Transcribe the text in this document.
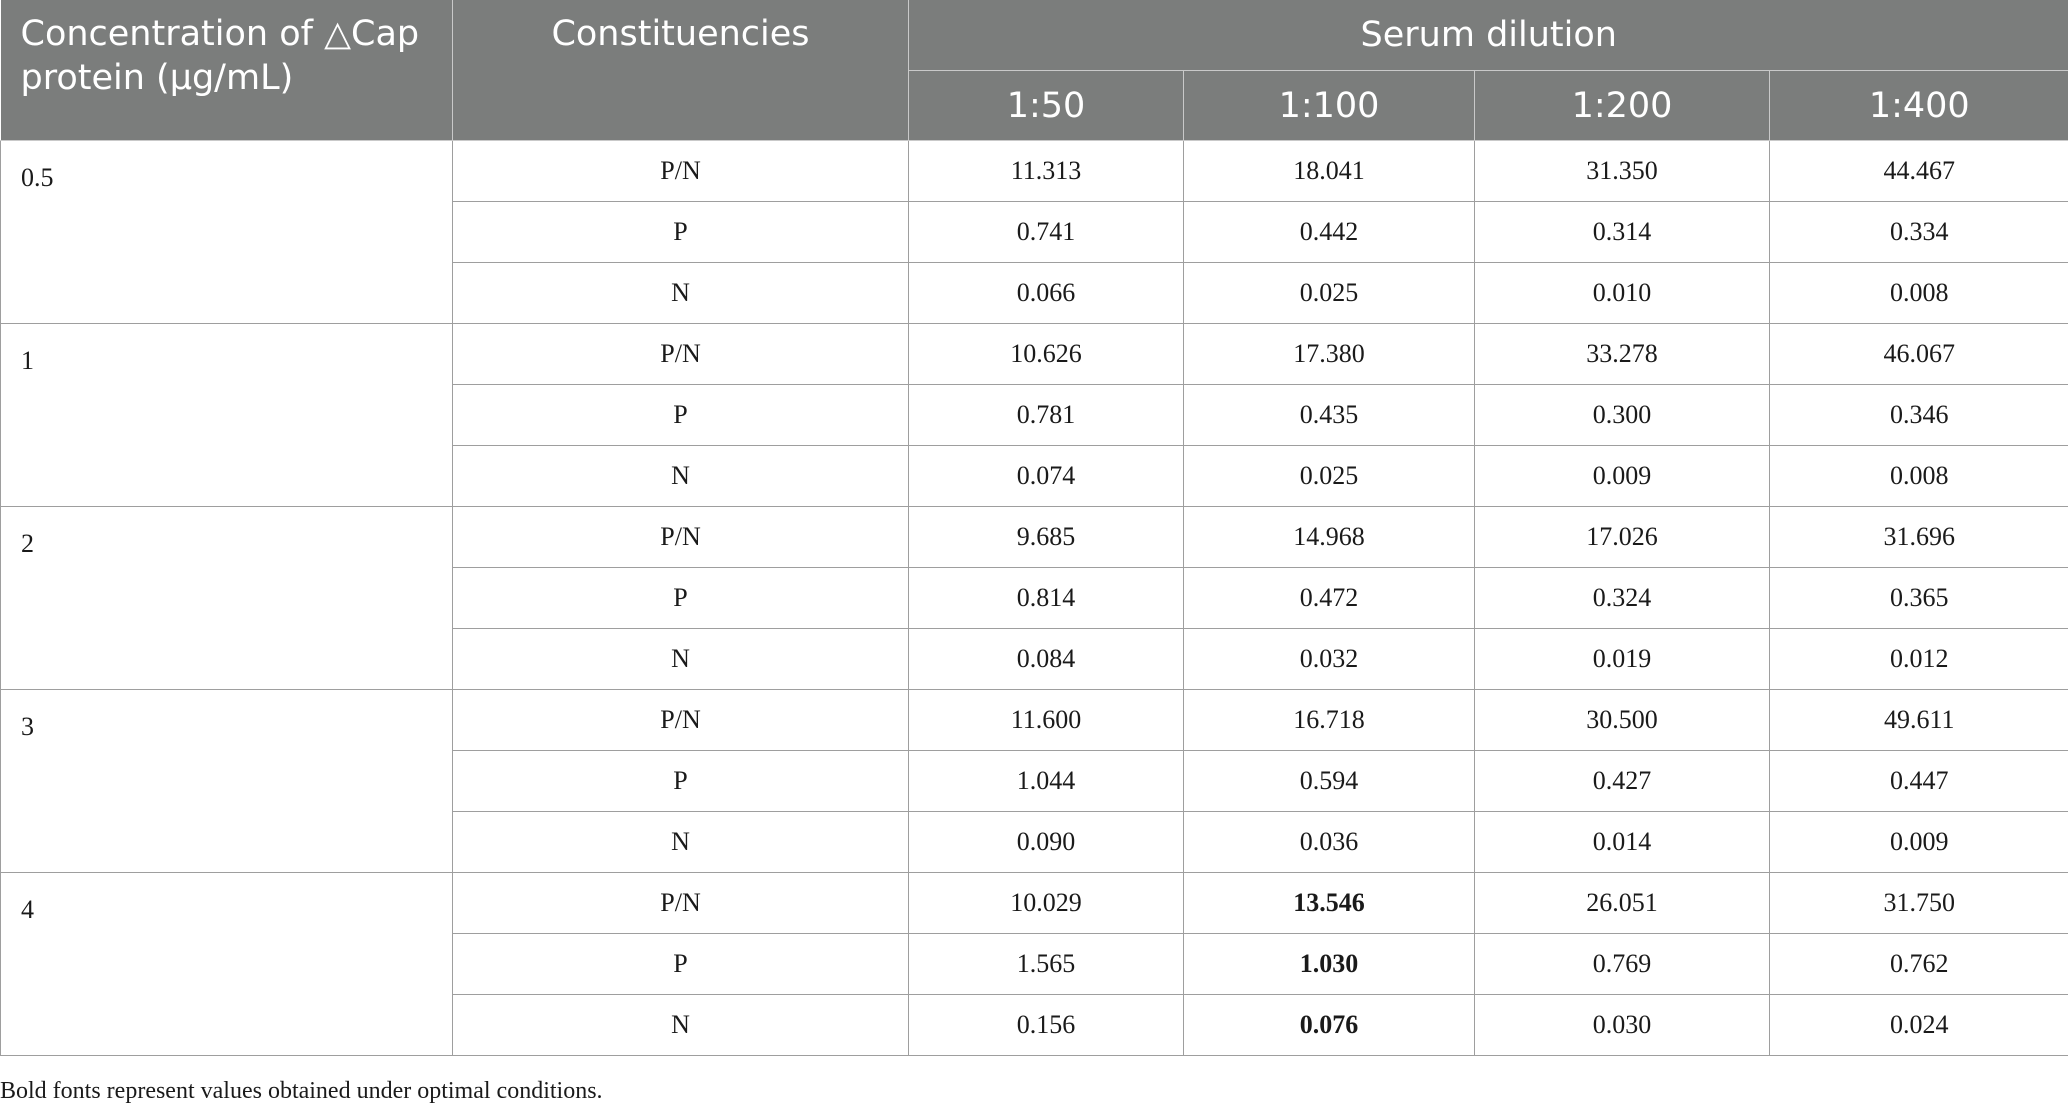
Concentration of △Cap protein (μg/mL)	Constituencies	Serum dilution			
		1:50	1:100	1:200	1:400
0.5	P/N	11.313	18.041	31.350	44.467
	P	0.741	0.442	0.314	0.334
	N	0.066	0.025	0.010	0.008
1	P/N	10.626	17.380	33.278	46.067
	P	0.781	0.435	0.300	0.346
	N	0.074	0.025	0.009	0.008
2	P/N	9.685	14.968	17.026	31.696
	P	0.814	0.472	0.324	0.365
	N	0.084	0.032	0.019	0.012
3	P/N	11.600	16.718	30.500	49.611
	P	1.044	0.594	0.427	0.447
	N	0.090	0.036	0.014	0.009
4	P/N	10.029	13.546	26.051	31.750
	P	1.565	1.030	0.769	0.762
	N	0.156	0.076	0.030	0.024
Bold fonts represent values obtained under optimal conditions.
